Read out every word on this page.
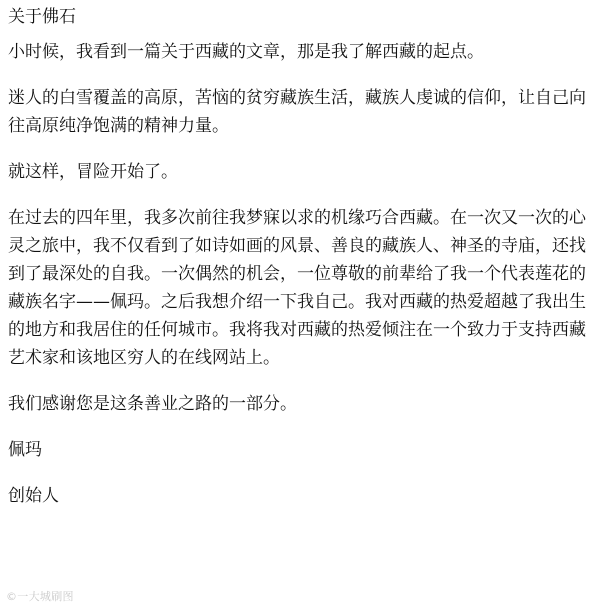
关于佛石
小时候，我看到一篇关于西藏的文章，那是我了解西藏的起点。
迷人的白雪覆盖的高原，苦恼的贫穷藏族生活，藏族人虔诚的信仰，让自己向往高原纯净饱满的精神力量。
就这样，冒险开始了。
在过去的四年里，我多次前往我梦寐以求的机缘巧合西藏。在一次又一次的心灵之旅中，我不仅看到了如诗如画的风景、善良的藏族人、神圣的寺庙，还找到了最深处的自我。一次偶然的机会，一位尊敬的前辈给了我一个代表莲花的藏族名字——佩玛。之后我想介绍一下我自己。我对西藏的热爱超越了我出生的地方和我居住的任何城市。我将我对西藏的热爱倾注在一个致力于支持西藏艺术家和该地区穷人的在线网站上。
我们感谢您是这条善业之路的一部分。
佩玛
创始人
©一大城刷图
